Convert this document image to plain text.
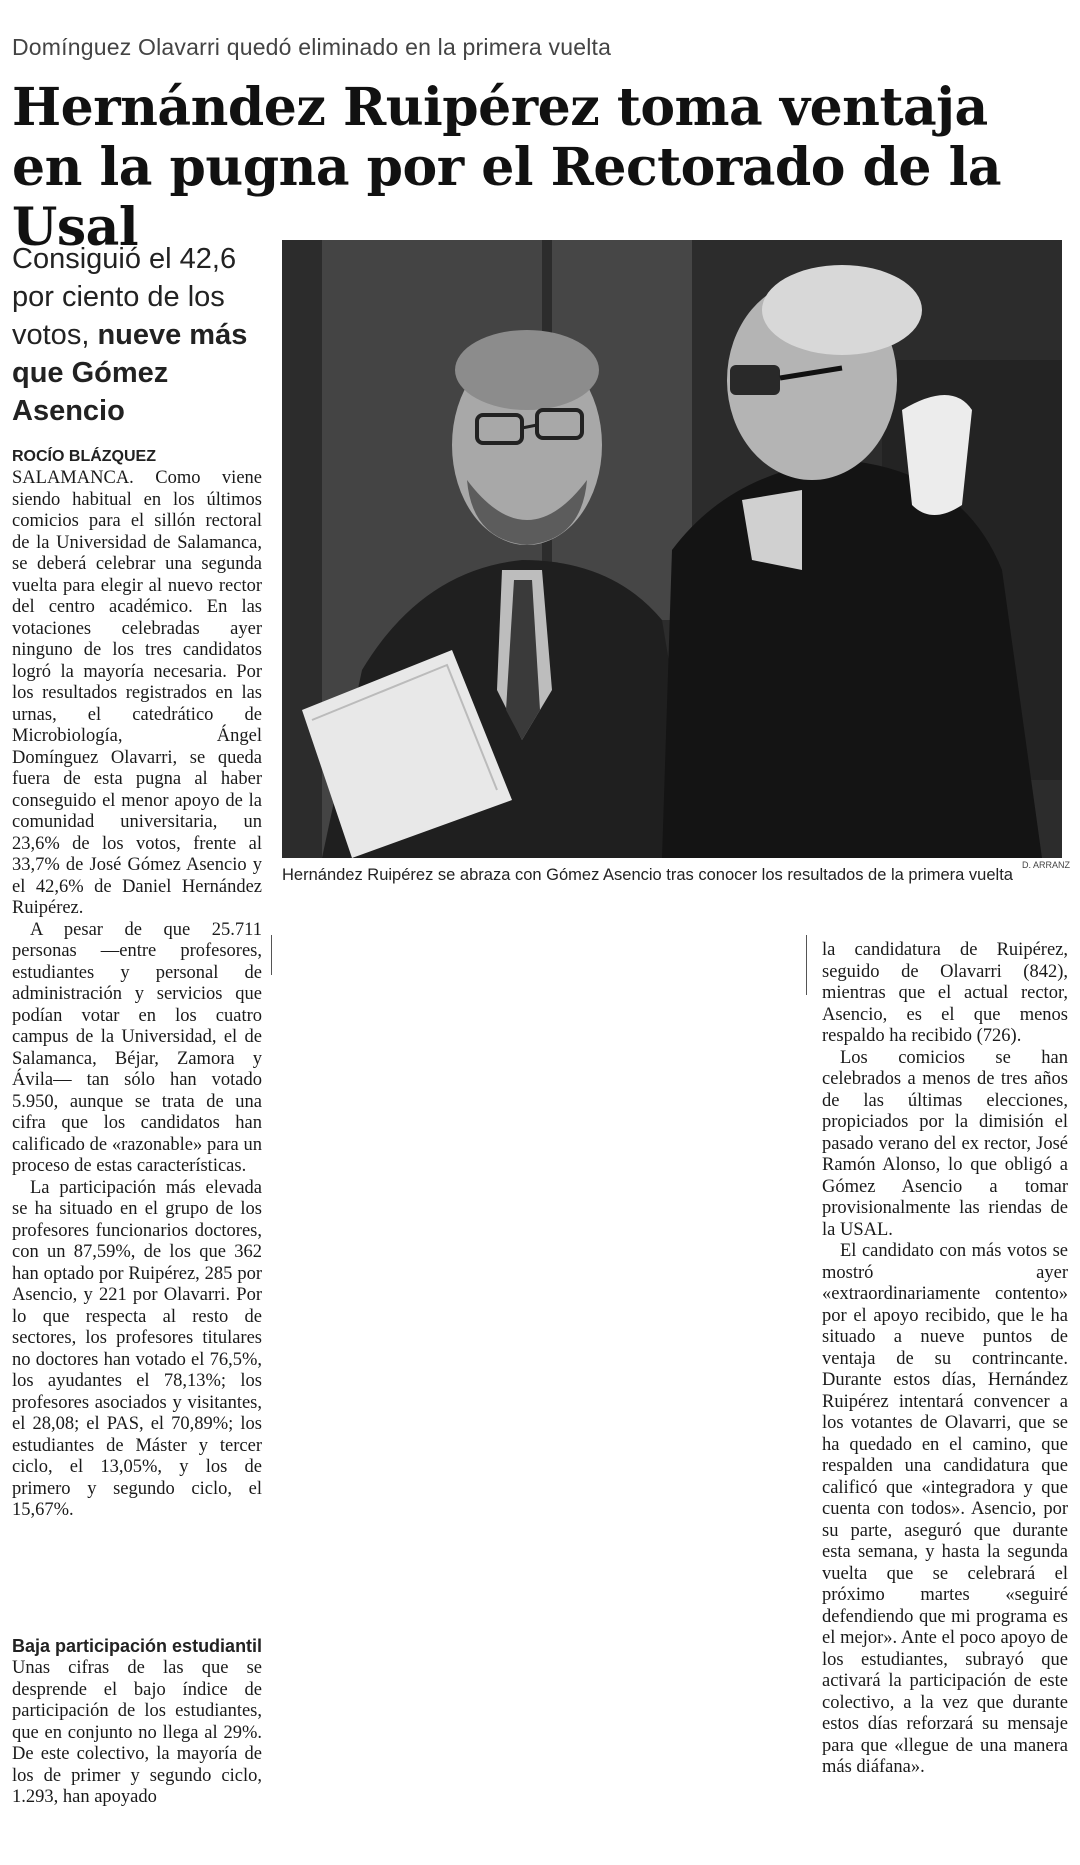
Domínguez Olavarri quedó eliminado en la primera vuelta
Hernández Ruipérez toma ventaja en la pugna por el Rectorado de la Usal
Consiguió el 42,6 por ciento de los votos, nueve más que Gómez Asencio
ROCÍO BLÁZQUEZ

SALAMANCA. Como viene siendo habitual en los últimos comicios para el sillón rectoral de la Universidad de Salamanca, se deberá celebrar una segunda vuelta para elegir al nuevo rector del centro académico. En las votaciones celebradas ayer ninguno de los tres candidatos logró la mayoría necesaria. Por los resultados registrados en las urnas, el catedrático de Microbiología, Ángel Domínguez Olavarri, se queda fuera de esta pugna al haber conseguido el menor apoyo de la comunidad universitaria, un 23,6% de los votos, frente al 33,7% de José Gómez Asencio y el 42,6% de Daniel Hernández Ruipérez.

A pesar de que 25.711 personas —entre profesores, estudiantes y personal de administración y servicios que podían votar en los cuatro campus de la Universidad, el de Salamanca, Béjar, Zamora y Ávila— tan sólo han votado 5.950, aunque se trata de una cifra que los candidatos han calificado de «razonable» para un proceso de estas características.

La participación más elevada se ha situado en el grupo de los profesores funcionarios doctores, con un 87,59%, de los que 362 han optado por Ruipérez, 285 por Asencio, y 221 por Olavarri. Por lo que respecta al resto de sectores, los profesores titulares no doctores han votado el 76,5%, los ayudantes el 78,13%; los profesores asociados y visitantes, el 28,08; el PAS, el 70,89%; los estudiantes de Máster y tercer ciclo, el 13,05%, y los de primero y segundo ciclo, el 15,67%.

Baja participación estudiantil

Unas cifras de las que se desprende el bajo índice de participación de los estudiantes, que en conjunto no llega al 29%. De este colectivo, la mayoría de los de primer y segundo ciclo, 1.293, han apoyado

D. ARRANZ
Hernández Ruipérez se abraza con Gómez Asencio tras conocer los resultados de la primera vuelta

la candidatura de Ruipérez, seguido de Olavarri (842), mientras que el actual rector, Asencio, es el que menos respaldo ha recibido (726).

Los comicios se han celebrados a menos de tres años de las últimas elecciones, propiciados por la dimisión el pasado verano del ex rector, José Ramón Alonso, lo que obligó a Gómez Asencio a tomar provisionalmente las riendas de la USAL.

El candidato con más votos se mostró ayer «extraordinariamente contento» por el apoyo recibido, que le ha situado a nueve puntos de ventaja de su contrincante. Durante estos días, Hernández Ruipérez intentará convencer a los votantes de Olavarri, que se ha quedado en el camino, que respalden una candidatura que calificó que «integradora y que cuenta con todos». Asencio, por su parte, aseguró que durante esta semana, y hasta la segunda vuelta que se celebrará el próximo martes «seguiré defendiendo que mi programa es el mejor». Ante el poco apoyo de los estudiantes, subrayó que activará la participación de este colectivo, a la vez que durante estos días reforzará su mensaje para que «llegue de una manera más diáfana».
